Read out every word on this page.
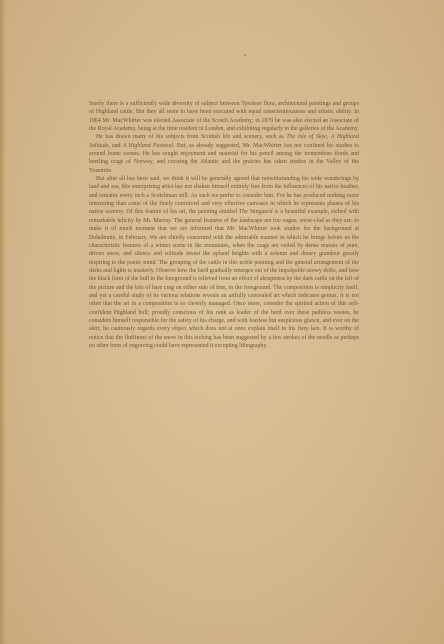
Surely there is a sufficiently wide diversity of subject between Tyrolese flora, architectural paintings and groups of Highland cattle. But they all seem to have been executed with equal conscientiousness and artistic ability. In 1864 Mr. MacWhirter was elected Associate of the Scotch Academy; in 1879 he was also elected an Associate of the Royal Academy, being at the time resident in London, and exhibiting regularly in the galleries of the Academy.

He has drawn many of his subjects from Scottish life and scenery, such as The Isle of Skye, A Highland Solitude, and A Highland Pastoral. But, as already suggested, Mr. MacWhirter has not confined his studies to around home scenes. He has sought enjoyment and material for his pencil among the tremendous fiords and beetling crags of Norway, and crossing the Atlantic and the prairies has taken studies in the Valley of the Yosemite.

But after all has been said, we think it will be generally agreed that notwithstanding his wide wanderings by land and sea, this enterprising artist has not shaken himself entirely free from the influences of his native heather, and remains every inch a Scotchman still. As such we prefer to consider him. For he has produced nothing more interesting than some of the finely conceived and very effective canvases in which he represents phases of his native scenery. Of this feature of his art, the painting entitled The Vanguard is a beautiful example, etched with remarkable felicity by Mr. Murray. The general features of the landscape are too vague, snow-clad as they are, to make it of much moment that we are informed that Mr. MacWhirter took studies for the background at Dohelmnie, in February. We are chiefly concerned with the admirable manner in which he brings before us the characteristic features of a winter scene in the mountains, when the crags are veiled by dense masses of pure, driven snow, and silence and solitude invest the upland heights with a solemn and dreary grandeur greatly inspiring to the poetic mind. The grouping of the cattle in this noble painting and the general arrangement of the darks and lights is masterly. Observe how the herd gradually emerges out of the impalpable snowy drifts, and how the black form of the bull in the foreground is relieved from an effect of abruptness by the dark cattle on the left of the picture and the bits of bare crag on either side of him, in the foreground. The composition is simplicity itself, and yet a careful study of its various relations reveals an artfully concealed art which indicates genius. It is not often that the art in a composition is so cleverly managed. Once more, consider the spirited action of this self-confident Highland bull; proudly conscious of his rank as leader of the herd over these pathless wastes, he considers himself responsible for the safety of his charge, and with fearless but suspicious glance, and ever on the alert, he cautiously regards every object which does not at once explain itself to his fiery ken. It is worthy of notice that the fluffiness of the snow in this etching has been suggested by a few strokes of the needle as perhaps no other form of engraving could have represented it excepting lithography.
